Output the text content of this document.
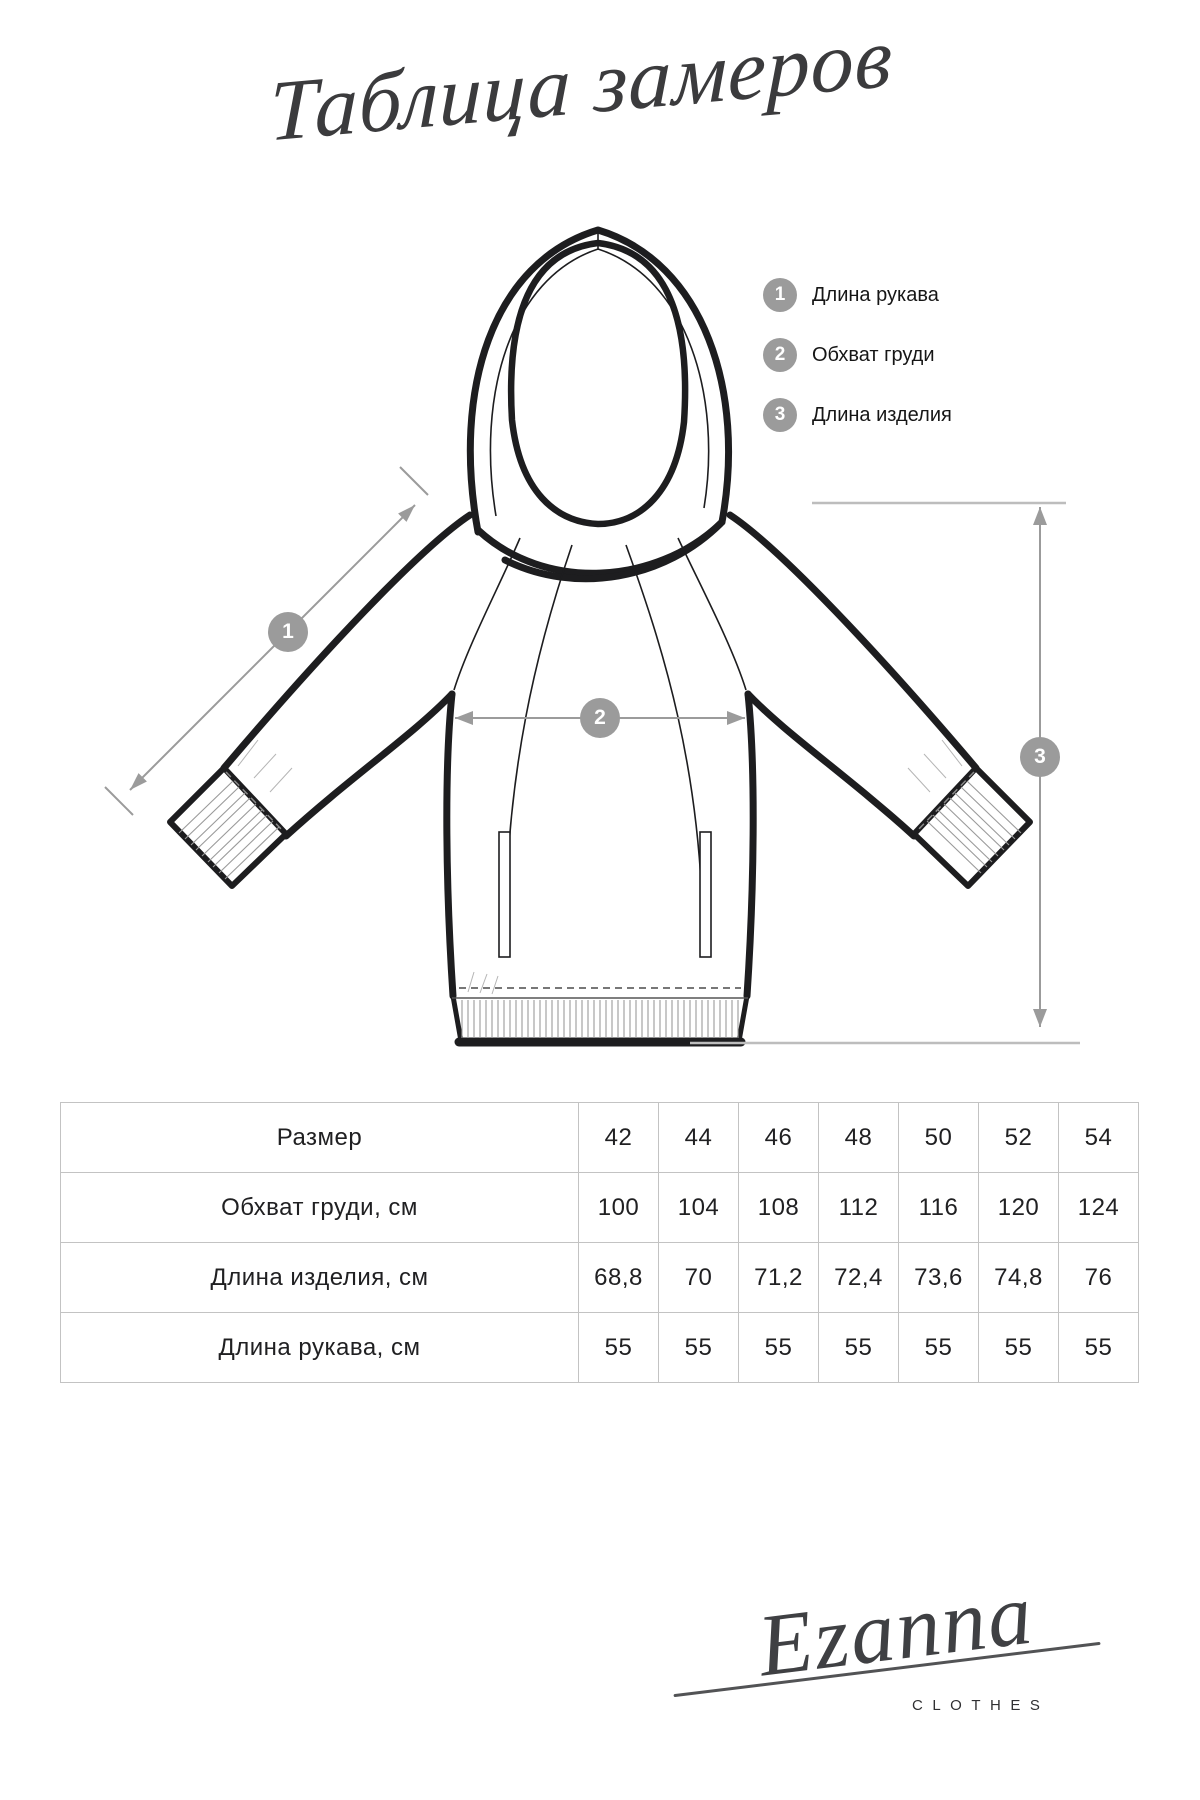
Таблица замеров
1
2
3
1	Длина рукава
2	Обхват груди
3	Длина изделия
Размер	42	44	46	48	50	52	54
Обхват груди, см	100	104	108	112	116	120	124
Длина изделия, см	68,8	70	71,2	72,4	73,6	74,8	76
Длина рукава, см	55	55	55	55	55	55	55
Ezanna
CLOTHES
